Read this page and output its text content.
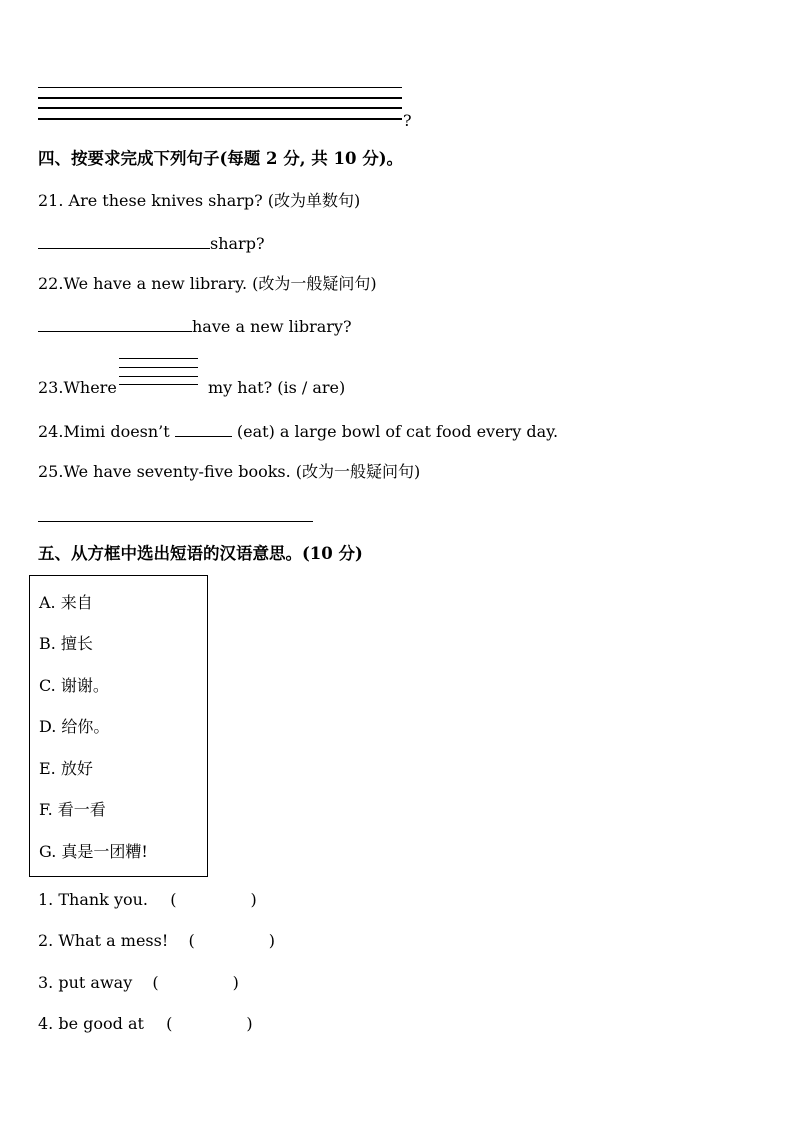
?
四、按要求完成下列句子(每题 2 分, 共 10 分)。
21. Are these knives sharp? (改为单数句)
sharp?
22.We have a new library. (改为一般疑问句)
have a new library?
23.Where	my hat? (is / are)
24.Mimi doesn’t	(eat) a large bowl of cat food every day.
25.We have seventy-five books. (改为一般疑问句)
五、从方框中选出短语的汉语意思。(10 分)
A. 来自
B. 擅长
C. 谢谢。
D. 给你。
E. 放好
F. 看一看
G. 真是一团糟!
1. Thank you. (	)
2. What a mess! (	)
3. put away (	)
4. be good at (	)
